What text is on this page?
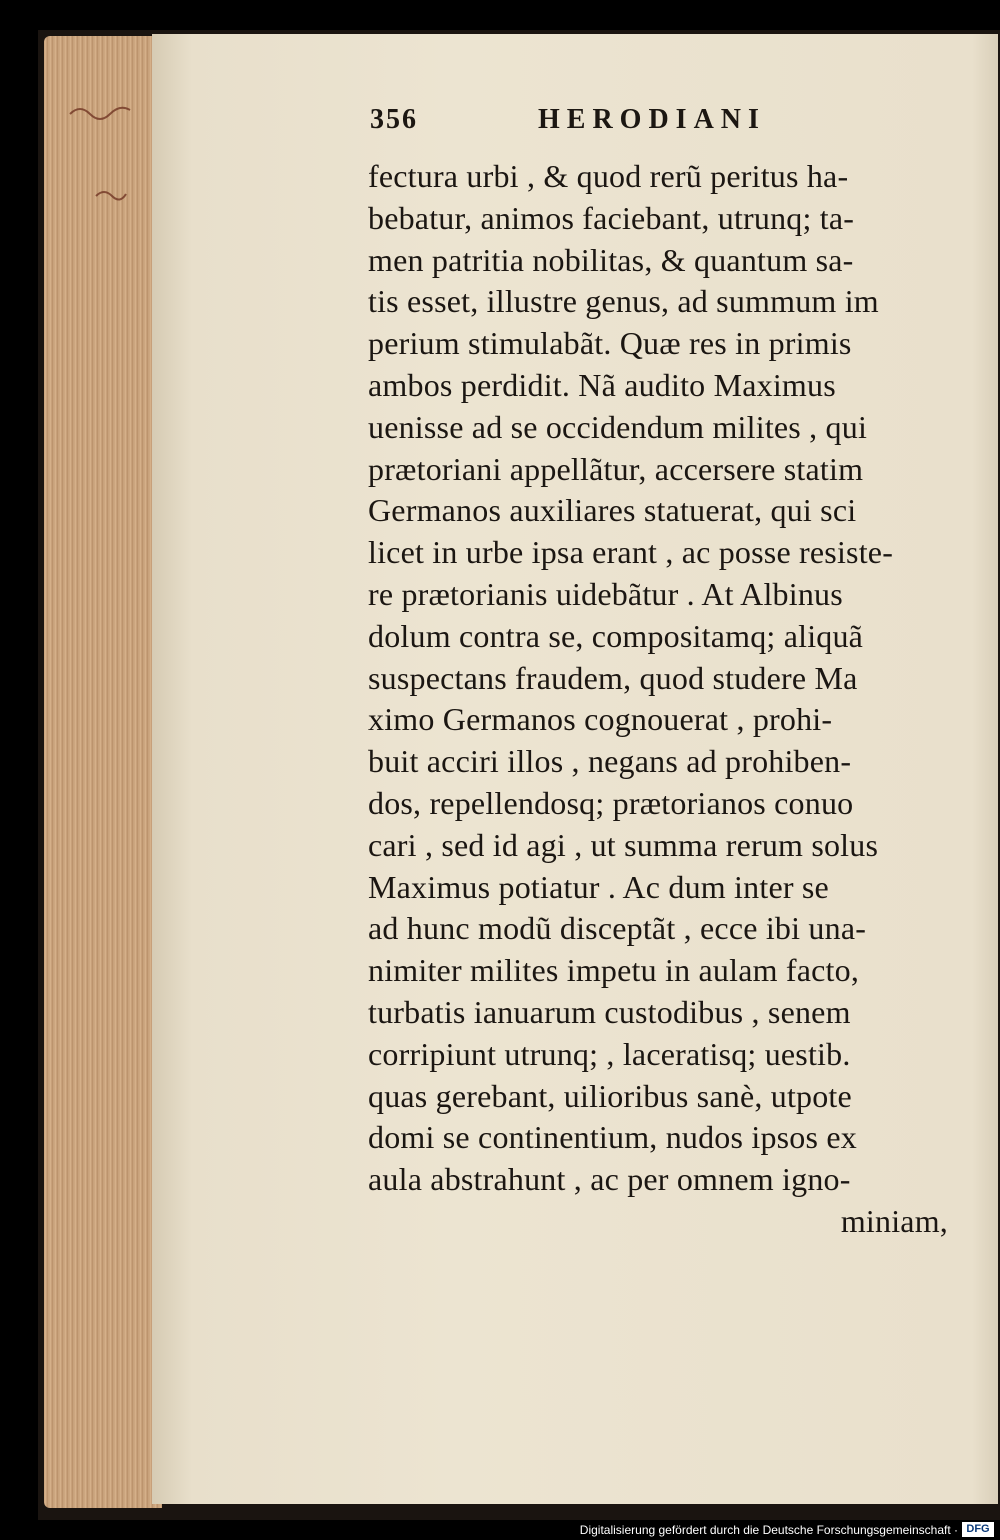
356	HERODIANI
fectura urbi , & quod rerũ peritus ha-
bebatur, animos faciebant, utrunq; ta-
men patritia nobilitas, & quantum sa-
tis esset, illustre genus, ad summum im
perium stimulabãt. Quæ res in primis
ambos perdidit. Nã audito Maximus
uenisse ad se occidendum milites , qui
prætoriani appellãtur, accersere statim
Germanos auxiliares statuerat, qui sci
licet in urbe ipsa erant , ac posse resiste-
re prætorianis uidebãtur . At Albinus
dolum contra se, compositamq; aliquã
suspectans fraudem, quod studere Ma
ximo Germanos cognouerat , prohi-
buit acciri illos , negans ad prohiben-
dos, repellendosq; prætorianos conuo
cari , sed id agi , ut summa rerum solus
Maximus potiatur . Ac dum inter se
ad hunc modũ disceptãt , ecce ibi una-
nimiter milites impetu in aulam facto,
turbatis ianuarum custodibus , senem
corripiunt utrunq; , laceratisq; uestib.
quas gerebant, uilioribus sanè, utpote
domi se continentium, nudos ipsos ex
aula abstrahunt , ac per omnem igno-
miniam,
Digitalisierung gefördert durch die Deutsche Forschungsgemeinschaft · DFG
